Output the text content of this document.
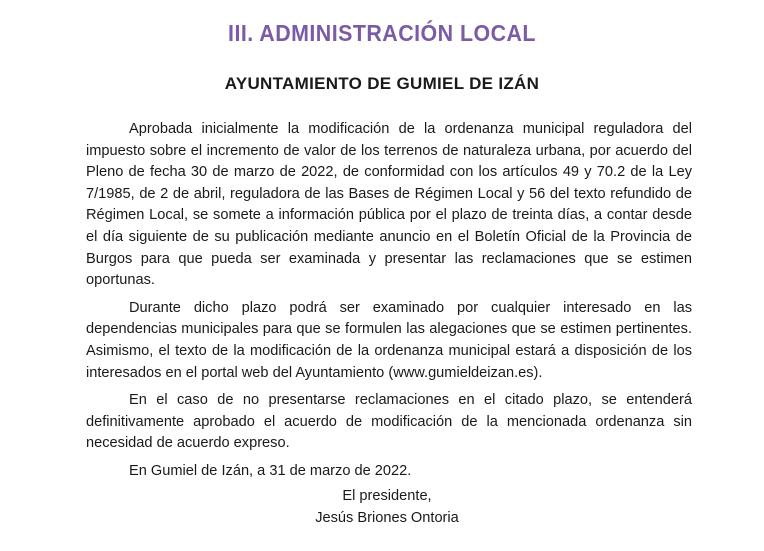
III. ADMINISTRACIÓN LOCAL
AYUNTAMIENTO DE GUMIEL DE IZÁN

Aprobada inicialmente la modificación de la ordenanza municipal reguladora del impuesto sobre el incremento de valor de los terrenos de naturaleza urbana, por acuerdo del Pleno de fecha 30 de marzo de 2022, de conformidad con los artículos 49 y 70.2 de la Ley 7/1985, de 2 de abril, reguladora de las Bases de Régimen Local y 56 del texto refundido de Régimen Local, se somete a información pública por el plazo de treinta días, a contar desde el día siguiente de su publicación mediante anuncio en el Boletín Oficial de la Provincia de Burgos para que pueda ser examinada y presentar las reclamaciones que se estimen oportunas.

Durante dicho plazo podrá ser examinado por cualquier interesado en las dependencias municipales para que se formulen las alegaciones que se estimen pertinentes. Asimismo, el texto de la modificación de la ordenanza municipal estará a disposición de los interesados en el portal web del Ayuntamiento (www.gumieldeizan.es).

En el caso de no presentarse reclamaciones en el citado plazo, se entenderá definitivamente aprobado el acuerdo de modificación de la mencionada ordenanza sin necesidad de acuerdo expreso.

En Gumiel de Izán, a 31 de marzo de 2022.

El presidente,
Jesús Briones Ontoria
